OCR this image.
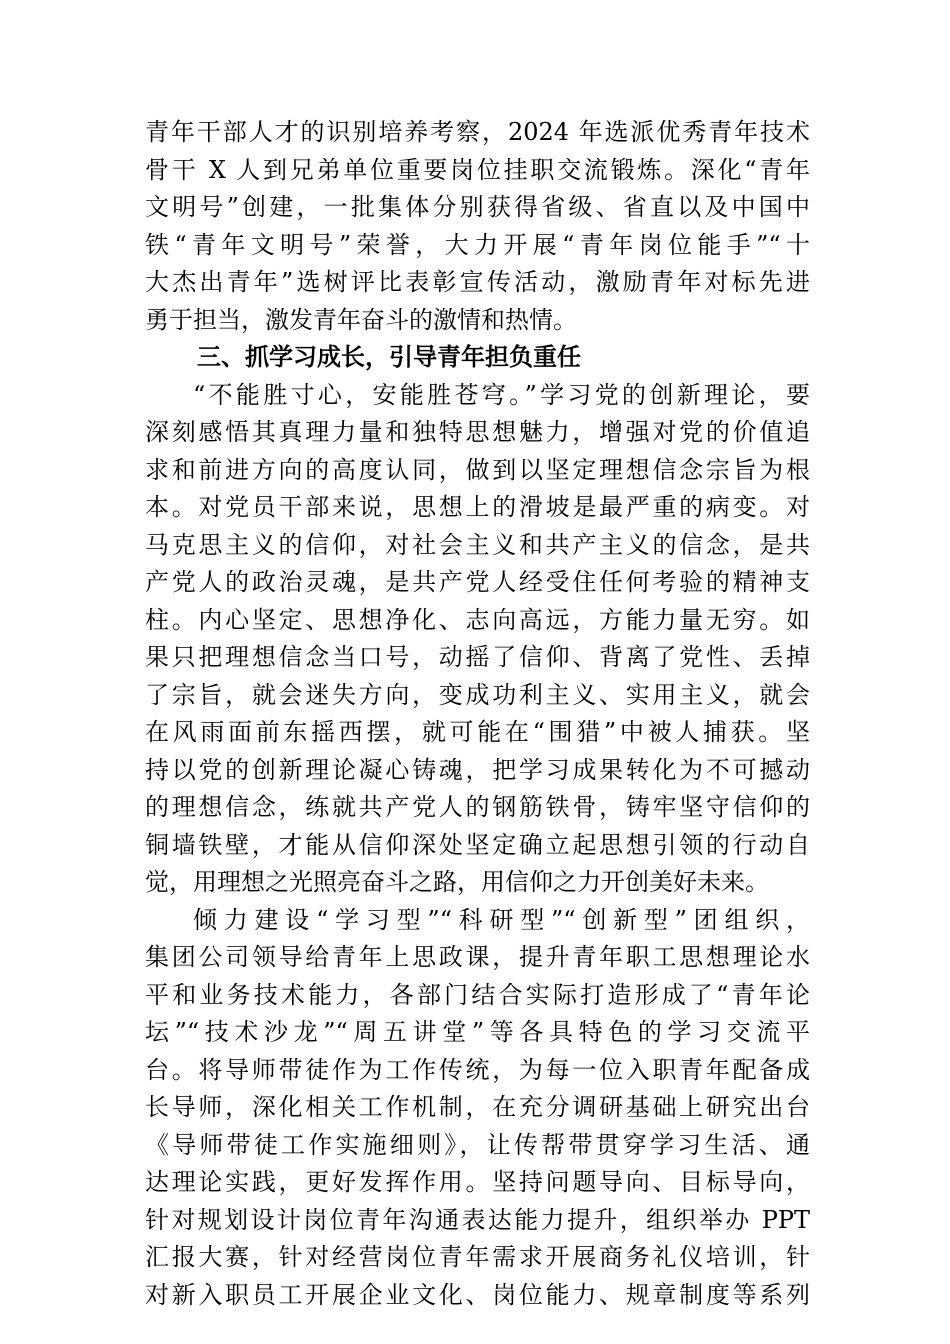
青年干部人才的识别培养考察，2024 年选派优秀青年技术
骨干 X 人到兄弟单位重要岗位挂职交流锻炼。深化“青年
文明号”创建，一批集体分别获得省级、省直以及中国中
铁“青年文明号”荣誉，大力开展“青年岗位能手”“十
大杰出青年”选树评比表彰宣传活动，激励青年对标先进
勇于担当，激发青年奋斗的激情和热情。
三、抓学习成长，引导青年担负重任
“不能胜寸心，安能胜苍穹。”学习党的创新理论，要
深刻感悟其真理力量和独特思想魅力，增强对党的价值追
求和前进方向的高度认同，做到以坚定理想信念宗旨为根
本。对党员干部来说，思想上的滑坡是最严重的病变。对
马克思主义的信仰，对社会主义和共产主义的信念，是共
产党人的政治灵魂，是共产党人经受住任何考验的精神支
柱。内心坚定、思想净化、志向高远，方能力量无穷。如
果只把理想信念当口号，动摇了信仰、背离了党性、丢掉
了宗旨，就会迷失方向，变成功利主义、实用主义，就会
在风雨面前东摇西摆，就可能在“围猎”中被人捕获。坚
持以党的创新理论凝心铸魂，把学习成果转化为不可撼动
的理想信念，练就共产党人的钢筋铁骨，铸牢坚守信仰的
铜墙铁壁，才能从信仰深处坚定确立起思想引领的行动自
觉，用理想之光照亮奋斗之路，用信仰之力开创美好未来。
倾力建设“学习型”“科研型”“创新型”团组织，
集团公司领导给青年上思政课，提升青年职工思想理论水
平和业务技术能力，各部门结合实际打造形成了“青年论
坛”“技术沙龙”“周五讲堂”等各具特色的学习交流平
台。将导师带徒作为工作传统，为每一位入职青年配备成
长导师，深化相关工作机制，在充分调研基础上研究出台
《导师带徒工作实施细则》，让传帮带贯穿学习生活、通
达理论实践，更好发挥作用。坚持问题导向、目标导向，
针对规划设计岗位青年沟通表达能力提升，组织举办 PPT
汇报大赛，针对经营岗位青年需求开展商务礼仪培训，针
对新入职员工开展企业文化、岗位能力、规章制度等系列
